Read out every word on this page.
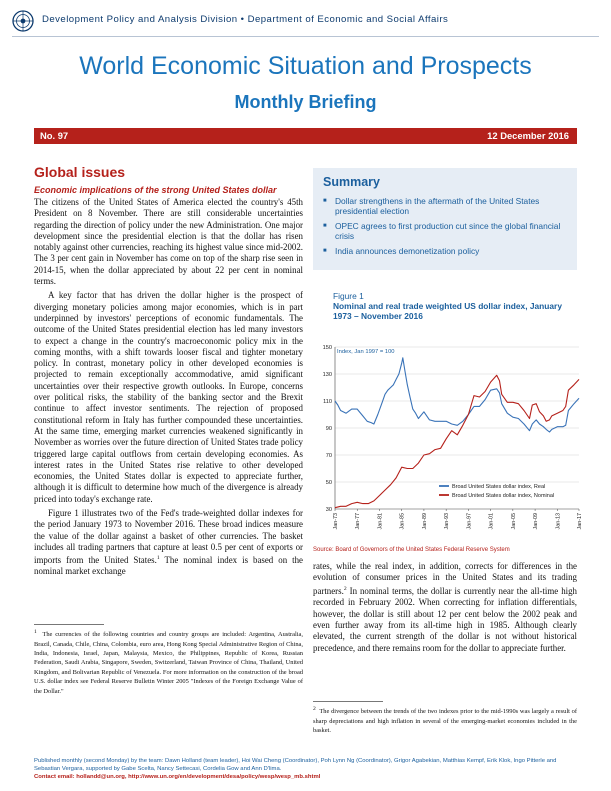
Development Policy and Analysis Division • Department of Economic and Social Affairs
World Economic Situation and Prospects
Monthly Briefing
No. 97	12 December 2016
Global issues
Economic implications of the strong United States dollar

The citizens of the United States of America elected the country's 45th President on 8 November. There are still considerable uncertainties regarding the direction of policy under the new Administration. One major development since the presidential election is that the dollar has risen notably against other currencies, reaching its highest value since mid-2002. The 3 per cent gain in November has come on top of the sharp rise seen in 2014-15, when the dollar appreciated by about 22 per cent in nominal terms.

A key factor that has driven the dollar higher is the prospect of diverging monetary policies among major economies, which is in part underpinned by investors' perceptions of economic fundamentals. The outcome of the United States presidential election has led many investors to expect a change in the country's macroeconomic policy mix in the coming months, with a shift towards looser fiscal and tighter monetary policy. In contrast, monetary policy in other developed economies is projected to remain exceptionally accommodative, amid significant uncertainties over their respective growth outlooks. In Europe, concerns over political risks, the stability of the banking sector and the Brexit continue to affect investor sentiments. The rejection of proposed constitutional reform in Italy has further compounded these uncertainties. At the same time, emerging market currencies weakened significantly in November as worries over the future direction of United States trade policy triggered large capital outflows from certain developing economies. As interest rates in the United States rise relative to other developed economies, the United States dollar is expected to appreciate further, although it is difficult to determine how much of the divergence is already priced into today's exchange rate.

Figure 1 illustrates two of the Fed's trade-weighted dollar indexes for the period January 1973 to November 2016. These broad indices measure the value of the dollar against a basket of other currencies. The basket includes all trading partners that capture at least 0.5 per cent of exports or imports from the United States.$^1$ The nominal index is based on the nominal market exchange

Summary
■ Dollar strengthens in the aftermath of the United States presidential election
■ OPEC agrees to first production cut since the global financial crisis
■ India announces demonetization policy
Figure 1
Nominal and real trade weighted US dollar index, January 1973 – November 2016
30
50
70
90
110
130
150
Index, Jan 1997 = 100
Jan-73	Jan-77	Jan-81	Jan-85	Jan-89	Jan-93	Jan-97	Jan-01	Jan-05	Jan-09	Jan-13	Jan-17
Broad United States dollar index, Real
Broad United States dollar index, Nominal
Source: Board of Governors of the United States Federal Reserve System
rates, while the real index, in addition, corrects for differences in the evolution of consumer prices in the United States and its trading partners.$^2$ In nominal terms, the dollar is currently near the all-time high recorded in February 2002. When correcting for inflation differentials, however, the dollar is still about 12 per cent below the 2002 peak and even further away from its all-time high in 1985. Although clearly elevated, the current strength of the dollar is not without historical precedence, and there remains room for the dollar to appreciate further.
$^1$ The currencies of the following countries and country groups are included: Argentina, Australia, Brazil, Canada, Chile, China, Colombia, euro area, Hong Kong Special Administrative Region of China, India, Indonesia, Israel, Japan, Malaysia, Mexico, the Philippines, Republic of Korea, Russian Federation, Saudi Arabia, Singapore, Sweden, Switzerland, Taiwan Province of China, Thailand, United Kingdom, and Bolivarian Republic of Venezuela. For more information on the construction of the broad U.S. dollar index see Federal Reserve Bulletin Winter 2005 "Indexes of the Foreign Exchange Value of the Dollar."
$^2$ The divergence between the trends of the two indexes prior to the mid-1990s was largely a result of sharp depreciations and high inflation in several of the emerging-market economies included in the basket.
Published monthly (second Monday) by the team: Dawn Holland (team leader), Hoi Wai Cheng (Coordinator), Poh Lynn Ng (Coordinator), Grigor Agabekian, Matthias Kempf, Erik Klok, Ingo Pitterle and Sebastian Vergara, supported by Gabe Scelta, Nancy Settecasi, Cordelia Gow and Ann D'lima.
Contact email: hollandd@un.org, http://www.un.org/en/development/desa/policy/wesp/wesp_mb.shtml
